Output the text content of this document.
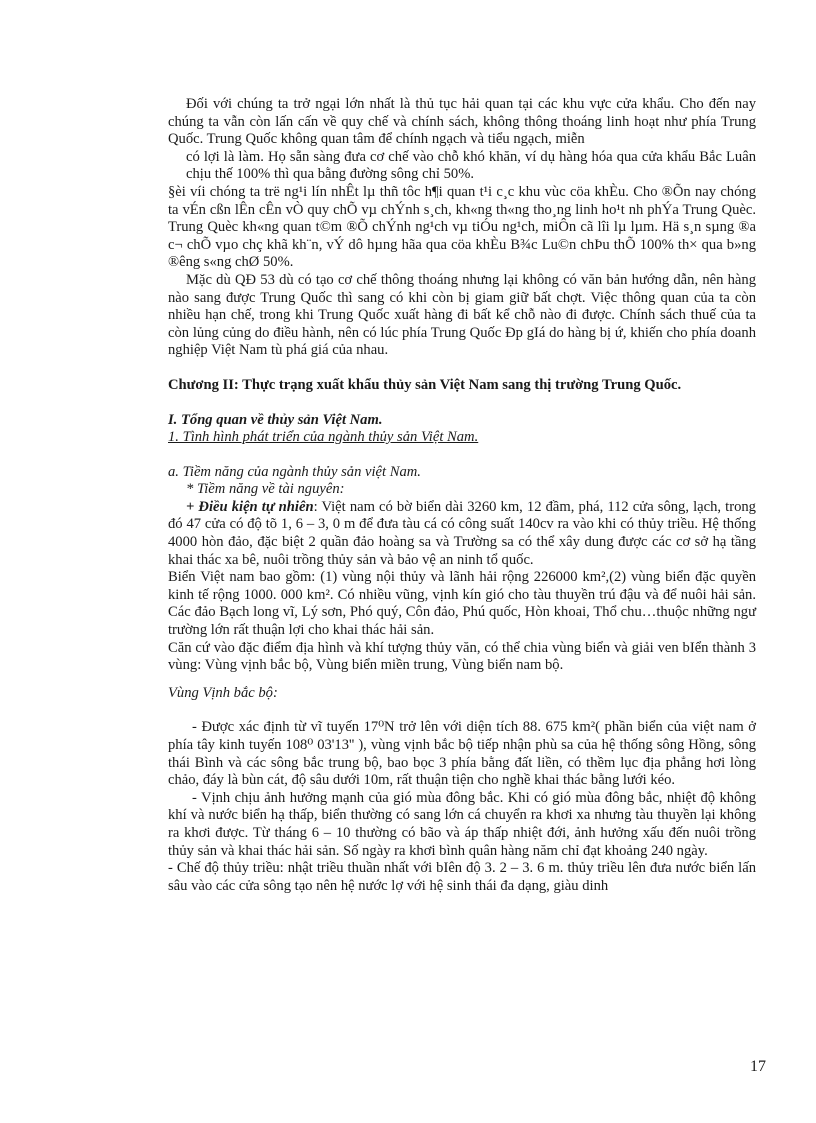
Đối với chúng ta trở ngại lớn nhất là thủ tục hải quan tại các khu vực cửa khẩu. Cho đến nay chúng ta vẫn còn lấn cấn về quy chế và chính sách, không thông thoáng linh hoạt như phía Trung Quốc. Trung Quốc không quan tâm để chính ngạch và tiểu ngạch, miễn

có lợi là làm. Họ sẵn sàng đưa cơ chế vào chỗ khó khăn, ví dụ hàng hóa qua cửa khẩu Bắc Luân chịu thế 100% thì qua bằng đường sông chỉ 50%.

§èi víi chóng ta trë ng¹i lín nhÊt lµ thñ tôc h¶i quan t¹i c¸c khu vùc cöa khÈu. Cho ®Õn nay chóng ta vÉn cßn lÊn cÊn vÒ quy chÕ vµ chÝnh s¸ch, kh«ng th«ng tho¸ng linh ho¹t nh phÝa Trung Quèc. Trung Quèc kh«ng quan t©m ®Õ chÝnh ng¹ch vµ tiÓu ng¹ch, miÔn cã lîi lµ lµm. Hä s¸n sµng ®a c¬ chÕ vµo chç khã kh¨n, vÝ dô hµng hãa qua cöa khÈu B¾c Lu©n chÞu thÕ 100% th× qua b»ng ®êng s«ng chØ 50%.

Mặc dù QĐ 53 dù có tạo cơ chế thông thoáng nhưng lại không có văn bản hướng dẫn, nên hàng nào sang được Trung Quốc thì sang có khi còn bị giam giữ bất chợt. Việc thông quan của ta còn nhiều hạn chế, trong khi Trung Quốc xuất hàng đi bất kể chỗ nào đi được. Chính sách thuế của ta còn lủng củng do điều hành, nên có lúc phía Trung Quốc Đp gIá do hàng bị ứ, khiến cho phía doanh nghiệp Việt Nam tù phá giá của nhau.

Chương II: Thực trạng xuất khẩu thủy sản Việt Nam sang thị trường Trung Quốc.

I. Tổng quan về thủy sản Việt Nam.

1. Tình hình phát triển của ngành thủy sản Việt Nam.

a. Tiềm năng của ngành thủy sản việt Nam.

* Tiềm năng về tài nguyên:

+ Điều kiện tự nhiên: Việt nam có bờ biển dài 3260 km, 12 đầm, phá, 112 cửa sông, lạch, trong đó 47 cửa có độ tõ 1, 6 – 3, 0 m để đưa tàu cá có công suất 140cv ra vào khi có thủy triều. Hệ thống 4000 hòn đảo, đặc biệt 2 quần đảo hoàng sa và Trường sa có thể xây dung được các cơ sở hạ tầng khai thác xa bê, nuôi trồng thủy sản và bảo vệ an ninh tổ quốc.

Biển Việt nam bao gồm: (1) vùng nội thủy và lãnh hải rộng 226000 km²,(2) vùng biển đặc quyền kinh tế rộng 1000. 000 km². Có nhiều vũng, vịnh kín gió cho tàu thuyền trú đậu và để nuôi hải sản. Các đảo Bạch long vĩ, Lý sơn, Phó quý, Côn đảo, Phú quốc, Hòn khoai, Thổ chu…thuộc những ngư trường lớn rất thuận lợi cho khai thác hải sản.

Căn cứ vào đặc điểm địa hình và khí tượng thủy văn, có thể chia vùng biển và giải ven bIển thành 3 vùng: Vùng vịnh bắc bộ, Vùng biển miền trung, Vùng biển nam bộ.

Vùng Vịnh bắc bộ:

- Được xác định từ vĩ tuyến 17⁰N trở lên với diện tích 88. 675 km²( phần biển của việt nam ở phía tây kinh tuyến 108⁰ 03'13'' ), vùng vịnh bắc bộ tiếp nhận phù sa của hệ thống sông Hồng, sông thái Bình và các sông bắc trung bộ, bao bọc 3 phía bằng đất liền, có thềm lục địa phẳng hơi lòng chảo, đáy là bùn cát, độ sâu dưới 10m, rất thuận tiện cho nghề khai thác bằng lưới kéo.

- Vịnh chịu ảnh hưởng mạnh của gió mùa đông bắc. Khi có gió mùa đông bắc, nhiệt độ không khí và nước biển hạ thấp, biển thường có sang lớn cá chuyển ra khơi xa nhưng tàu thuyền lại không ra khơi được. Từ tháng 6 – 10 thường có bão và áp thấp nhiệt đới, ảnh hưởng xấu đến nuôi trồng thủy sản và khai thác hải sản. Số ngày ra khơi bình quân hàng năm chỉ đạt khoảng 240 ngày.

- Chế độ thủy triều: nhật triều thuần nhất với bIên độ 3. 2 – 3. 6 m. thủy triều lên đưa nước biển lấn sâu vào các cửa sông tạo nên hệ nước lợ với hệ sinh thái đa dạng, giàu dinh

17
